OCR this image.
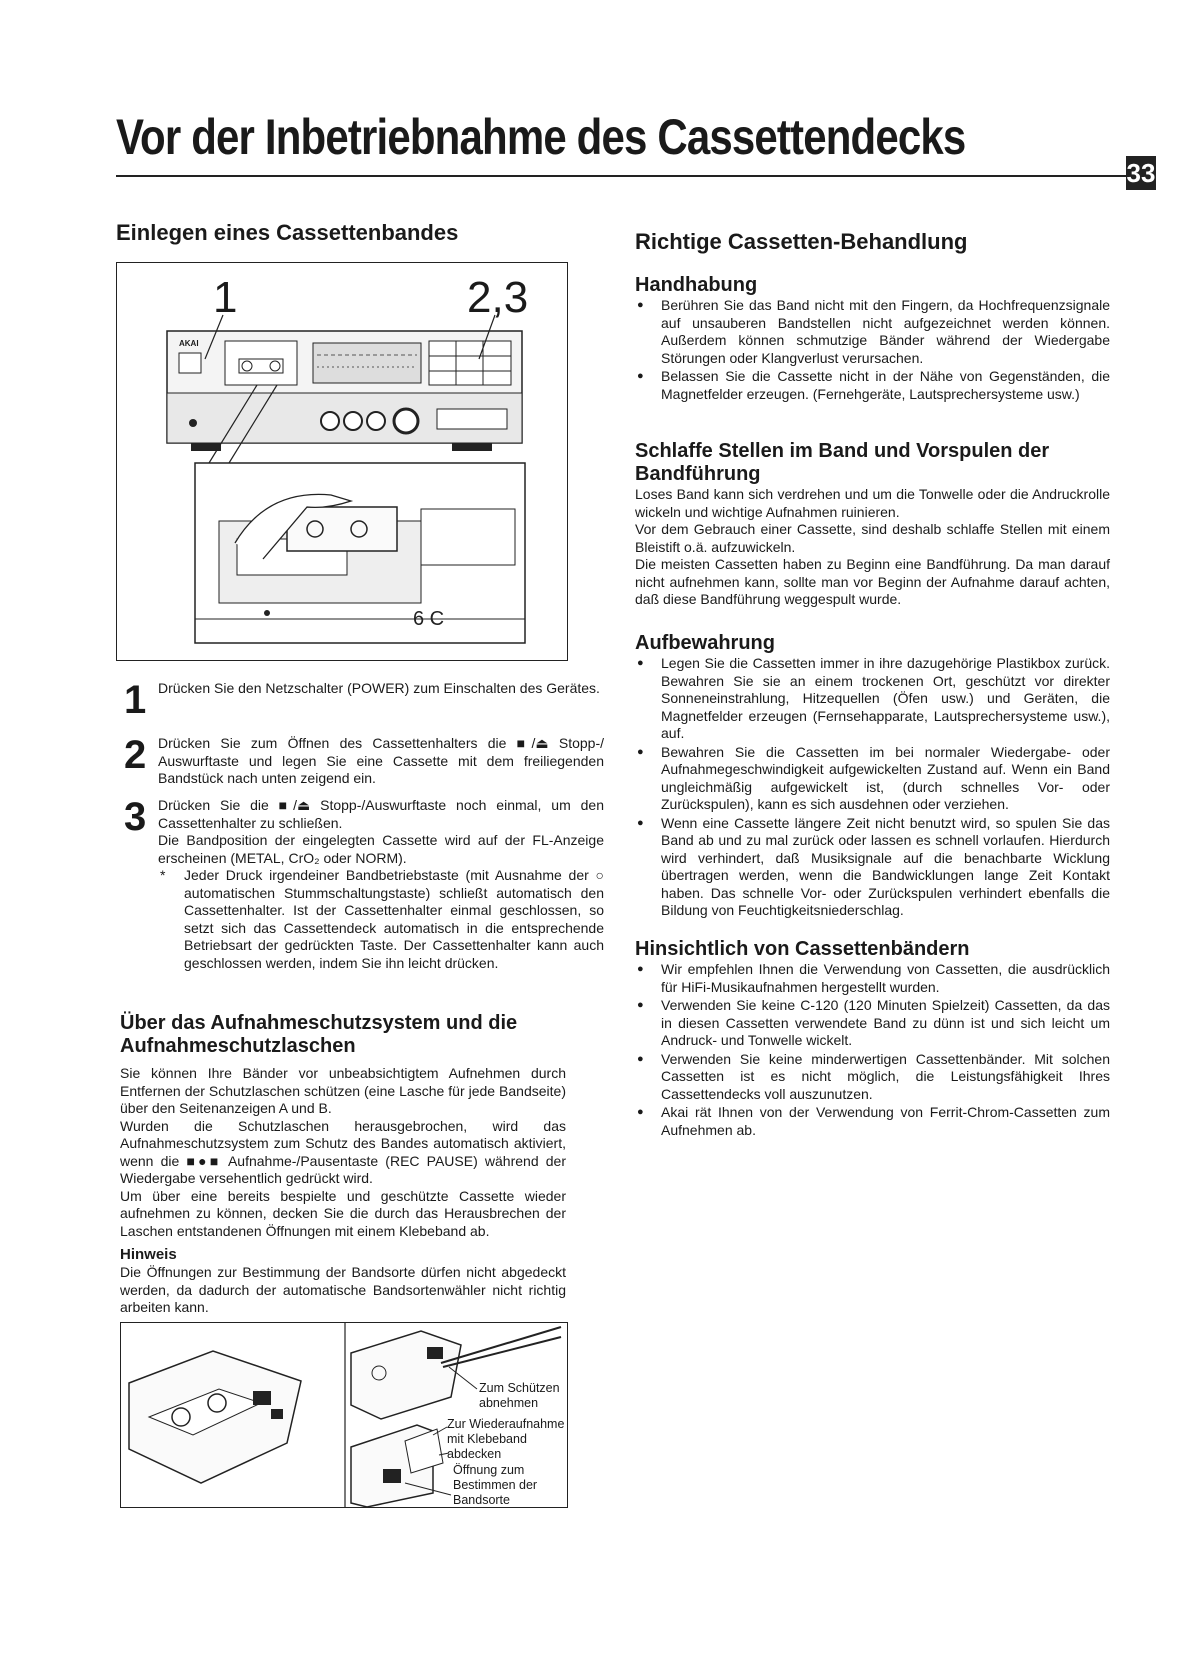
Vor der Inbetriebnahme des Cassettendecks
33
Einlegen eines Cassettenbandes
6 C
1	2,3
AKAI
1 Drücken Sie den Netzschalter (POWER) zum Einschalten des Gerätes.
2 Drücken Sie zum Öffnen des Cassettenhalters die ■/⏏ Stopp-/ Auswurftaste und legen Sie eine Cassette mit dem freiliegenden Bandstück nach unten zeigend ein.
3 Drücken Sie die ■/⏏ Stopp-/Auswurftaste noch einmal, um den Cassettenhalter zu schließen.
Die Bandposition der eingelegten Cassette wird auf der FL-Anzeige erscheinen (METAL, CrO₂ oder NORM).
* Jeder Druck irgendeiner Bandbetriebstaste (mit Ausnahme der ○ automatischen Stummschaltungstaste) schließt automatisch den Cassettenhalter. Ist der Cassettenhalter einmal geschlossen, so setzt sich das Cassettendeck automatisch in die entsprechende Betriebsart der gedrückten Taste. Der Cassettenhalter kann auch geschlossen werden, indem Sie ihn leicht drücken.
Über das Aufnahmeschutzsystem und die Aufnahmeschutzlaschen

Sie können Ihre Bänder vor unbeabsichtigtem Aufnehmen durch Entfernen der Schutzlaschen schützen (eine Lasche für jede Bandseite) über den Seitenanzeigen A und B.

Wurden die Schutzlaschen herausgebrochen, wird das Aufnahmeschutzsystem zum Schutz des Bandes automatisch aktiviert, wenn die ■●■ Aufnahme-/Pausentaste (REC PAUSE) während der Wiedergabe versehentlich gedrückt wird.

Um über eine bereits bespielte und geschützte Cassette wieder aufnehmen zu können, decken Sie die durch das Herausbrechen der Laschen entstandenen Öffnungen mit einem Klebeband ab.

Hinweis

Die Öffnungen zur Bestimmung der Bandsorte dürfen nicht abgedeckt werden, da dadurch der automatische Bandsortenwähler nicht richtig arbeiten kann.

Zum Schützen
abnehmen
Zur Wiederaufnahme
mit Klebeband
abdecken
Öffnung zum
Bestimmen der
Bandsorte
Richtige Cassetten-Behandlung
Handhabung
● Berühren Sie das Band nicht mit den Fingern, da Hochfrequenzsignale auf unsauberen Bandstellen nicht aufgezeichnet werden können. Außerdem können schmutzige Bänder während der Wiedergabe Störungen oder Klangverlust verursachen.
● Belassen Sie die Cassette nicht in der Nähe von Gegenständen, die Magnetfelder erzeugen. (Fernehgeräte, Lautsprechersysteme usw.)
Schlaffe Stellen im Band und Vorspulen der Bandführung

Loses Band kann sich verdrehen und um die Tonwelle oder die Andruckrolle wickeln und wichtige Aufnahmen ruinieren.

Vor dem Gebrauch einer Cassette, sind deshalb schlaffe Stellen mit einem Bleistift o.ä. aufzuwickeln.

Die meisten Cassetten haben zu Beginn eine Bandführung. Da man darauf nicht aufnehmen kann, sollte man vor Beginn der Aufnahme darauf achten, daß diese Bandführung weggespult wurde.

Aufbewahrung
● Legen Sie die Cassetten immer in ihre dazugehörige Plastikbox zurück. Bewahren Sie sie an einem trockenen Ort, geschützt vor direkter Sonneneinstrahlung, Hitzequellen (Öfen usw.) und Geräten, die Magnetfelder erzeugen (Fernsehapparate, Lautsprechersysteme usw.), auf.
● Bewahren Sie die Cassetten im bei normaler Wiedergabe- oder Aufnahmegeschwindigkeit aufgewickelten Zustand auf. Wenn ein Band ungleichmäßig aufgewickelt ist, (durch schnelles Vor- oder Zurückspulen), kann es sich ausdehnen oder verziehen.
● Wenn eine Cassette längere Zeit nicht benutzt wird, so spulen Sie das Band ab und zu mal zurück oder lassen es schnell vorlaufen. Hierdurch wird verhindert, daß Musiksignale auf die benachbarte Wicklung übertragen werden, wenn die Bandwicklungen lange Zeit Kontakt haben. Das schnelle Vor- oder Zurückspulen verhindert ebenfalls die Bildung von Feuchtigkeitsniederschlag.
Hinsichtlich von Cassettenbändern
● Wir empfehlen Ihnen die Verwendung von Cassetten, die ausdrücklich für HiFi-Musikaufnahmen hergestellt wurden.
● Verwenden Sie keine C-120 (120 Minuten Spielzeit) Cassetten, da das in diesen Cassetten verwendete Band zu dünn ist und sich leicht um Andruck- und Tonwelle wickelt.
● Verwenden Sie keine minderwertigen Cassettenbänder. Mit solchen Cassetten ist es nicht möglich, die Leistungsfähigkeit Ihres Cassettendecks voll auszunutzen.
● Akai rät Ihnen von der Verwendung von Ferrit-Chrom-Cassetten zum Aufnehmen ab.
